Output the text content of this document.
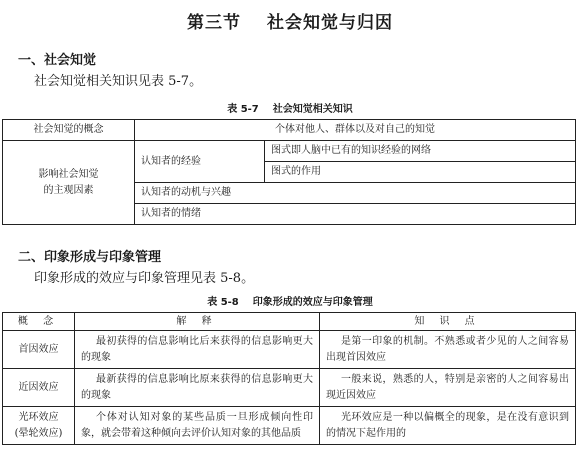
第三节 社会知觉与归因
一、社会知觉
社会知觉相关知识见表 5-7。
表 5-7 社会知觉相关知识
社会知觉的概念	个体对他人、群体以及对自己的知觉	
影响社会知觉
的主观因素	认知者的经验	图式即人脑中已有的知识经验的网络
		图式的作用
	认知者的动机与兴趣	
	认知者的情绪	
二、印象形成与印象管理
印象形成的效应与印象管理见表 5-8。
表 5-8 印象形成的效应与印象管理
概 念	解 释	知 识 点
首因效应	最初获得的信息影响比后来获得的信息影响更大的现象	是第一印象的机制。不熟悉或者少见的人之间容易出现首因效应
近因效应	最新获得的信息影响比原来获得的信息影响更大的现象	一般来说，熟悉的人，特别是亲密的人之间容易出现近因效应
光环效应
(晕轮效应)	个体对认知对象的某些品质一旦形成倾向性印象，就会带着这种倾向去评价认知对象的其他品质	光环效应是一种以偏概全的现象，是在没有意识到的情况下起作用的
